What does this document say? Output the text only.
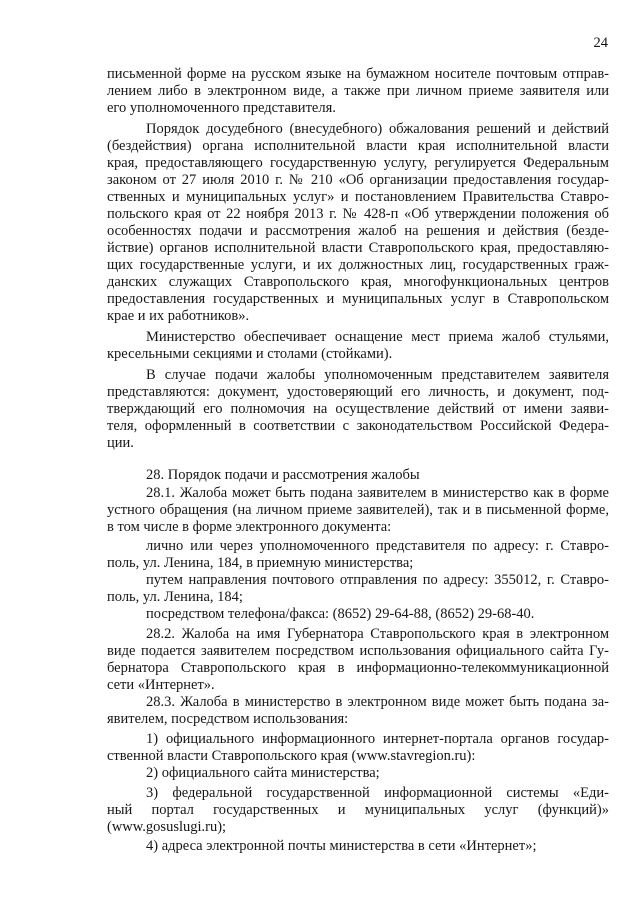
24
письменной форме на русском языке на бумажном носителе почтовым отправ-
лением либо в электронном виде, а также при личном приеме заявителя или
его уполномоченного представителя.
Порядок досудебного (внесудебного) обжалования решений и действий
(бездействия) органа исполнительной власти края исполнительной власти
края, предоставляющего государственную услугу, регулируется Федеральным
законом от 27 июля 2010 г. № 210 «Об организации предоставления государ-
ственных и муниципальных услуг» и постановлением Правительства Ставро-
польского края от 22 ноября 2013 г. № 428-п «Об утверждении положения об
особенностях подачи и рассмотрения жалоб на решения и действия (безде-
йствие) органов исполнительной власти Ставропольского края, предоставляю-
щих государственные услуги, и их должностных лиц, государственных граж-
данских служащих Ставропольского края, многофункциональных центров
предоставления государственных и муниципальных услуг в Ставропольском
крае и их работников».
Министерство обеспечивает оснащение мест приема жалоб стульями,
кресельными секциями и столами (стойками).
В случае подачи жалобы уполномоченным представителем заявителя
представляются: документ, удостоверяющий его личность, и документ, под-
тверждающий его полномочия на осуществление действий от имени заяви-
теля, оформленный в соответствии с законодательством Российской Федера-
ции.
28. Порядок подачи и рассмотрения жалобы
28.1. Жалоба может быть подана заявителем в министерство как в форме
устного обращения (на личном приеме заявителей), так и в письменной форме,
в том числе в форме электронного документа:
лично или через уполномоченного представителя по адресу: г. Ставро-
поль, ул. Ленина, 184, в приемную министерства;
путем направления почтового отправления по адресу: 355012, г. Ставро-
поль, ул. Ленина, 184;
посредством телефона/факса: (8652) 29-64-88, (8652) 29-68-40.
28.2. Жалоба на имя Губернатора Ставропольского края в электронном
виде подается заявителем посредством использования официального сайта Гу-
бернатора Ставропольского края в информационно-телекоммуникационной
сети «Интернет».
28.3. Жалоба в министерство в электронном виде может быть подана за-
явителем, посредством использования:
1) официального информационного интернет-портала органов государ-
ственной власти Ставропольского края (www.stavregion.ru):
2) официального сайта министерства;
3) федеральной государственной информационной системы «Еди-
ный портал государственных и муниципальных услуг (функций)»
(www.gosuslugi.ru);
4) адреса электронной почты министерства в сети «Интернет»;
